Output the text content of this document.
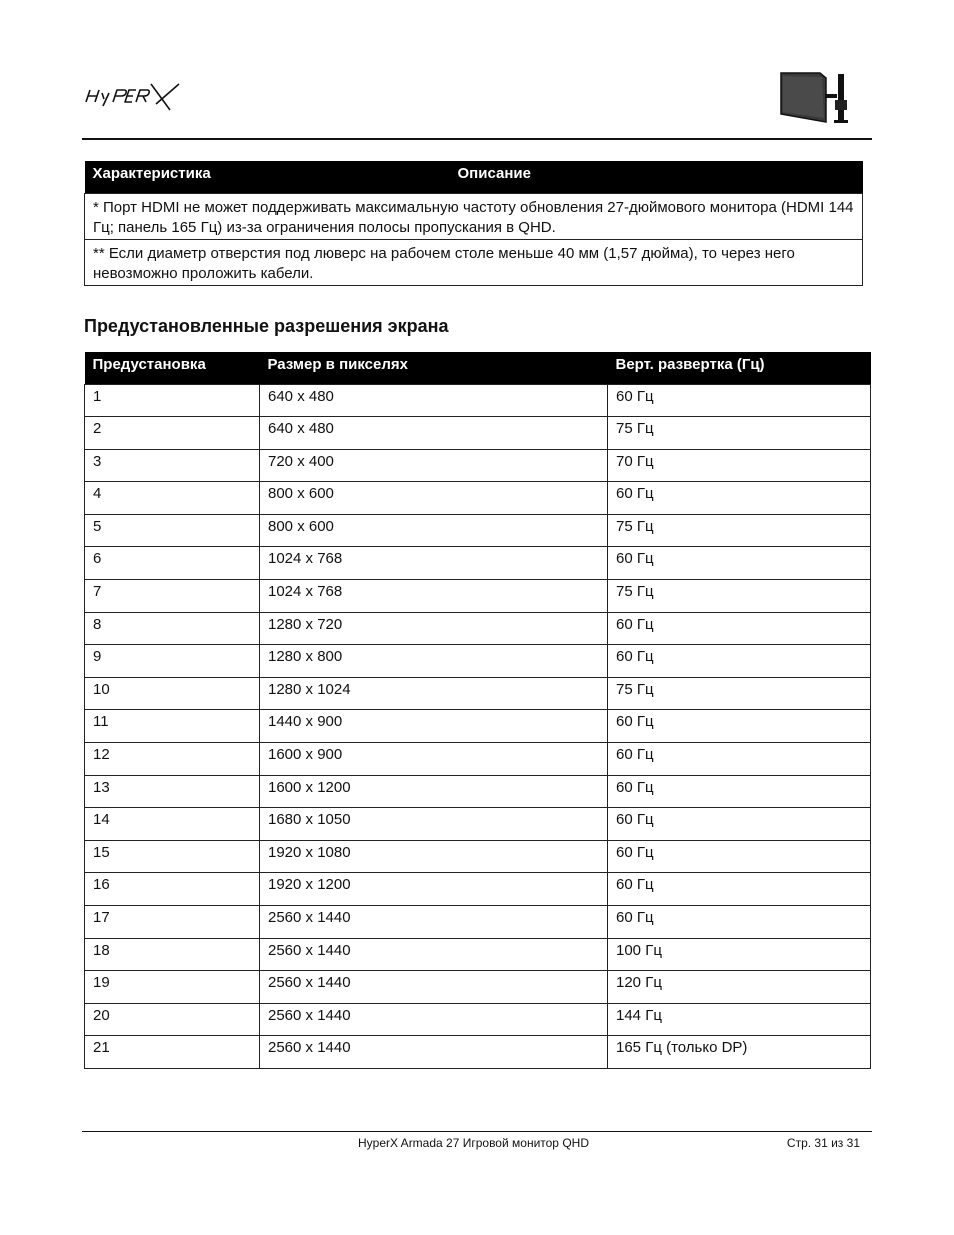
Характеристика	Описание
* Порт HDMI не может поддерживать максимальную частоту обновления 27-дюймового монитора (HDMI 144 Гц; панель 165 Гц) из-за ограничения полосы пропускания в QHD.
** Если диаметр отверстия под люверс на рабочем столе меньше 40 мм (1,57 дюйма), то через него невозможно проложить кабели.
Предустановленные разрешения экрана
Предустановка	Размер в пикселях	Верт. развертка (Гц)
1	640 x 480	60 Гц
2	640 x 480	75 Гц
3	720 x 400	70 Гц
4	800 x 600	60 Гц
5	800 x 600	75 Гц
6	1024 x 768	60 Гц
7	1024 x 768	75 Гц
8	1280 x 720	60 Гц
9	1280 x 800	60 Гц
10	1280 x 1024	75 Гц
11	1440 x 900	60 Гц
12	1600 x 900	60 Гц
13	1600 x 1200	60 Гц
14	1680 x 1050	60 Гц
15	1920 x 1080	60 Гц
16	1920 x 1200	60 Гц
17	2560 x 1440	60 Гц
18	2560 x 1440	100 Гц
19	2560 x 1440	120 Гц
20	2560 x 1440	144 Гц
21	2560 x 1440	165 Гц (только DP)
HyperX Armada 27 Игровой монитор QHD	Стр. 31 из 31
